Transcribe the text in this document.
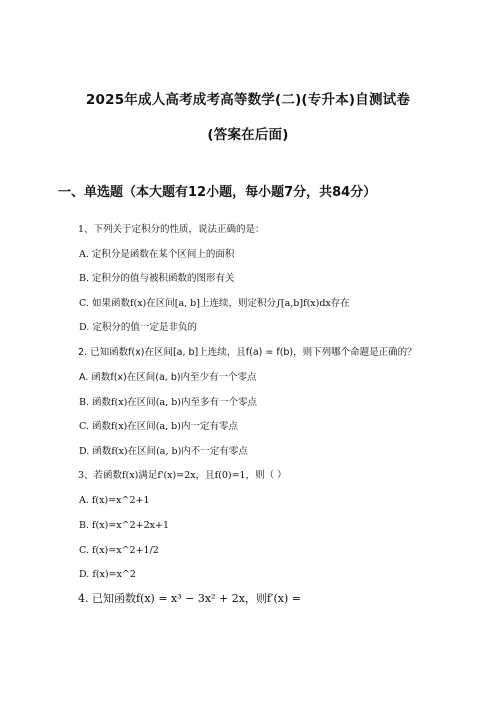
2025年成人高考成考高等数学(二)(专升本)自测试卷
(答案在后面)
一、单选题（本大题有12小题，每小题7分，共84分）
1、下列关于定积分的性质，说法正确的是：
A. 定积分是函数在某个区间上的面积
B. 定积分的值与被积函数的图形有关
C. 如果函数f(x)在区间[a, b]上连续，则定积分∫[a,b]f(x)dx存在
D. 定积分的值一定是非负的
2. 已知函数f(x)在区间[a, b]上连续，且f(a) = f(b)，则下列哪个命题是正确的？
A. 函数f(x)在区间(a, b)内至少有一个零点
B. 函数f(x)在区间(a, b)内至多有一个零点
C. 函数f(x)在区间(a, b)内一定有零点
D. 函数f(x)在区间(a, b)内不一定有零点
3、若函数f(x)满足f'(x)=2x，且f(0)=1，则（ ）
A. f(x)=x^2+1
B. f(x)=x^2+2x+1
C. f(x)=x^2+1/2
D. f(x)=x^2
4. 已知函数f(x) = x³ − 3x² + 2x，则f′(x) =
